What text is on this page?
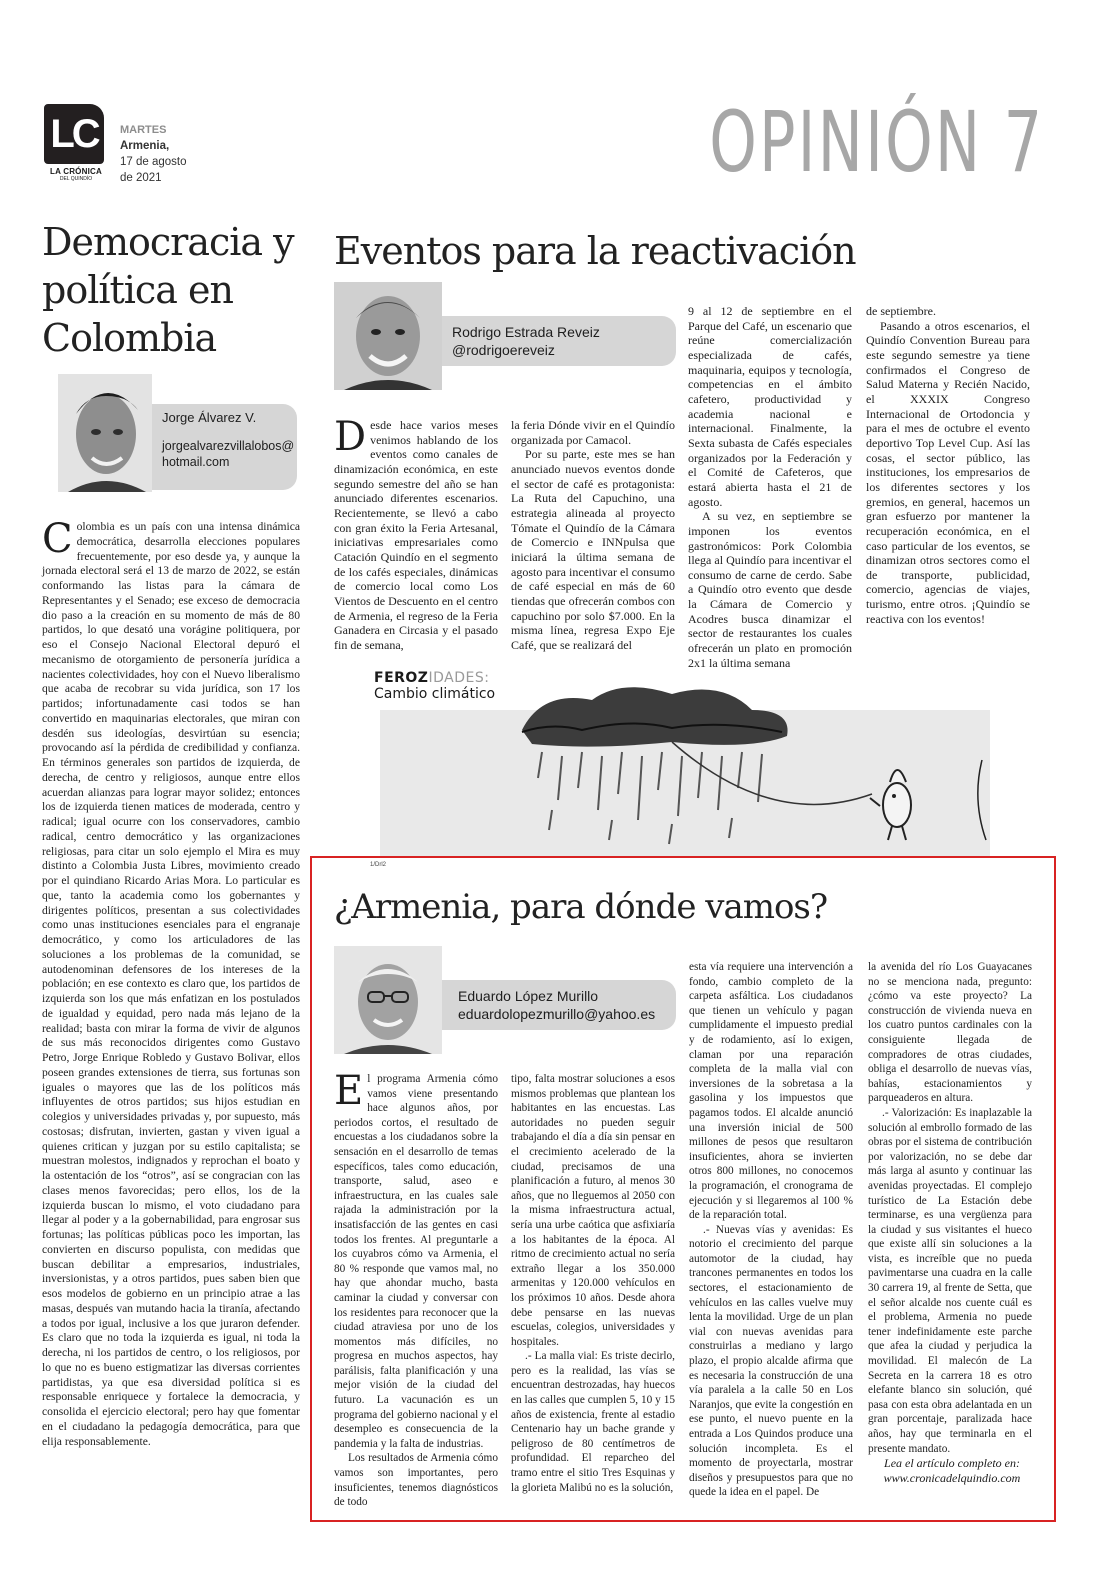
LC
LA CRÓNICA
DEL QUINDÍO
MARTES
Armenia,
17 de agosto
de 2021	OPINIÓN 7
Democracia y
política en
Colombia
Jorge Álvarez V.
jorgealvarezvillalobos@
hotmail.com

Colombia es un país con una intensa dinámica democrática, desarrolla elecciones populares frecuentemente, por eso desde ya, y aunque la jornada electoral será el 13 de marzo de 2022, se están conformando las listas para la cámara de Representantes y el Senado; ese exceso de democracia dio paso a la creación en su momento de más de 80 partidos, lo que desató una vorágine politiquera, por eso el Consejo Nacional Electoral depuró el mecanismo de otorgamiento de personería jurídica a nacientes colectividades, hoy con el Nuevo liberalismo que acaba de recobrar su vida jurídica, son 17 los partidos; infortunadamente casi todos se han convertido en maquinarias electorales, que miran con desdén sus ideologías, desvirtúan su esencia; provocando así la pérdida de credibilidad y confianza. En términos generales son partidos de izquierda, de derecha, de centro y religiosos, aunque entre ellos acuerdan alianzas para lograr mayor solidez; entonces los de izquierda tienen matices de moderada, centro y radical; igual ocurre con los conservadores, cambio radical, centro democrático y las organizaciones religiosas, para citar un solo ejemplo el Mira es muy distinto a Colombia Justa Libres, movimiento creado por el quindiano Ricardo Arias Mora. Lo particular es que, tanto la academia como los gobernantes y dirigentes políticos, presentan a sus colectividades como unas instituciones esenciales para el engranaje democrático, y como los articuladores de las soluciones a los problemas de la comunidad, se autodenominan defensores de los intereses de la población; en ese contexto es claro que, los partidos de izquierda son los que más enfatizan en los postulados de igualdad y equidad, pero nada más lejano de la realidad; basta con mirar la forma de vivir de algunos de sus más reconocidos dirigentes como Gustavo Petro, Jorge Enrique Robledo y Gustavo Bolivar, ellos poseen grandes extensiones de tierra, sus fortunas son iguales o mayores que las de los políticos más influyentes de otros partidos; sus hijos estudian en colegios y universidades privadas y, por supuesto, más costosas; disfrutan, invierten, gastan y viven igual a quienes critican y juzgan por su estilo capitalista; se muestran molestos, indignados y reprochan el boato y la ostentación de los “otros”, así se congracian con las clases menos favorecidas; pero ellos, los de la izquierda buscan lo mismo, el voto ciudadano para llegar al poder y a la gobernabilidad, para engrosar sus fortunas; las políticas públicas poco les importan, las convierten en discurso populista, con medidas que buscan debilitar a empresarios, industriales, inversionistas, y a otros partidos, pues saben bien que esos modelos de gobierno en un principio atrae a las masas, después van mutando hacia la tiranía, afectando a todos por igual, inclusive a los que juraron defender. Es claro que no toda la izquierda es igual, ni toda la derecha, ni los partidos de centro, o los religiosos, por lo que no es bueno estigmatizar las diversas corrientes partidistas, ya que esa diversidad política si es responsable enriquece y fortalece la democracia, y consolida el ejercicio electoral; pero hay que fomentar en el ciudadano la pedagogía democrática, para que elija responsablemente.

Eventos para la reactivación
Rodrigo Estrada Reveiz
@rodrigoereveiz

Desde hace varios meses venimos hablando de los eventos como canales de dinamización económica, en este segundo semestre del año se han anunciado diferentes escenarios. Recientemente, se llevó a cabo con gran éxito la Feria Artesanal, iniciativas empresariales como Catación Quindío en el segmento de los cafés especiales, dinámicas de comercio local como Los Vientos de Descuento en el centro de Armenia, el regreso de la Feria Ganadera en Circasia y el pasado fin de semana,

la feria Dónde vivir en el Quindío organizada por Camacol.

Por su parte, este mes se han anunciado nuevos eventos donde el sector de café es protagonista: La Ruta del Capuchino, una estrategia alineada al proyecto Tómate el Quindío de la Cámara de Comercio e INNpulsa que iniciará la última semana de agosto para incentivar el consumo de café especial en más de 60 tiendas que ofrecerán combos con capuchino por solo $7.000. En la misma línea, regresa Expo Eje Café, que se realizará del

9 al 12 de septiembre en el Parque del Café, un escenario que reúne comercialización especializada de cafés, maquinaria, equipos y tecnología, competencias en el ámbito cafetero, productividad y academia nacional e internacional. Finalmente, la Sexta subasta de Cafés especiales organizados por la Federación y el Comité de Cafeteros, que estará abierta hasta el 21 de agosto.

A su vez, en septiembre se imponen los eventos gastronómicos: Pork Colombia llega al Quindío para incentivar el consumo de carne de cerdo. Sabe a Quindío otro evento que desde la Cámara de Comercio y Acodres busca dinamizar el sector de restaurantes los cuales ofrecerán un plato en promoción 2x1 la última semana

de septiembre.

Pasando a otros escenarios, el Quindío Convention Bureau para este segundo semestre ya tiene confirmados el Congreso de Salud Materna y Recién Nacido, el XXXIX Congreso Internacional de Ortodoncia y para el mes de octubre el evento deportivo Top Level Cup. Así las cosas, el sector público, las instituciones, los empresarios de los diferentes sectores y los gremios, en general, hacemos un gran esfuerzo por mantener la recuperación económica, en el caso particular de los eventos, se dinamizan otros sectores como el de transporte, publicidad, comercio, agencias de viajes, turismo, entre otros. ¡Quindío se reactiva con los eventos!

FEROZIDADES:
Cambio climático
1/Drl2
¿Armenia, para dónde vamos?
Eduardo López Murillo
eduardolopezmurillo@yahoo.es

El programa Armenia cómo vamos viene presentando hace algunos años, por periodos cortos, el resultado de encuestas a los ciudadanos sobre la sensación en el desarrollo de temas específicos, tales como educación, transporte, salud, aseo e infraestructura, en las cuales sale rajada la administración por la insatisfacción de las gentes en casi todos los frentes. Al preguntarle a los cuyabros cómo va Armenia, el 80 % responde que vamos mal, no hay que ahondar mucho, basta caminar la ciudad y conversar con los residentes para reconocer que la ciudad atraviesa por uno de los momentos más difíciles, no progresa en muchos aspectos, hay parálisis, falta planificación y una mejor visión de la ciudad del futuro. La vacunación es un programa del gobierno nacional y el desempleo es consecuencia de la pandemia y la falta de industrias.

Los resultados de Armenia cómo vamos son importantes, pero insuficientes, tenemos diagnósticos de todo

tipo, falta mostrar soluciones a esos mismos problemas que plantean los habitantes en las encuestas. Las autoridades no pueden seguir trabajando el día a día sin pensar en el crecimiento acelerado de la ciudad, precisamos de una planificación a futuro, al menos 30 años, que no lleguemos al 2050 con la misma infraestructura actual, sería una urbe caótica que asfixiaría a los habitantes de la época. Al ritmo de crecimiento actual no sería extraño llegar a los 350.000 armenitas y 120.000 vehículos en los próximos 10 años. Desde ahora debe pensarse en las nuevas escuelas, colegios, universidades y hospitales.

.- La malla vial: Es triste decirlo, pero es la realidad, las vías se encuentran destrozadas, hay huecos en las calles que cumplen 5, 10 y 15 años de existencia, frente al estadio Centenario hay un bache grande y peligroso de 80 centímetros de profundidad. El reparcheo del tramo entre el sitio Tres Esquinas y la glorieta Malibú no es la solución,

esta vía requiere una intervención a fondo, cambio completo de la carpeta asfáltica. Los ciudadanos que tienen un vehículo y pagan cumplidamente el impuesto predial y de rodamiento, así lo exigen, claman por una reparación completa de la malla vial con inversiones de la sobretasa a la gasolina y los impuestos que pagamos todos. El alcalde anunció una inversión inicial de 500 millones de pesos que resultaron insuficientes, ahora se invierten otros 800 millones, no conocemos la programación, el cronograma de ejecución y si llegaremos al 100 % de la reparación total.

.- Nuevas vías y avenidas: Es notorio el crecimiento del parque automotor de la ciudad, hay trancones permanentes en todos los sectores, el estacionamiento de vehículos en las calles vuelve muy lenta la movilidad. Urge de un plan vial con nuevas avenidas para construirlas a mediano y largo plazo, el propio alcalde afirma que es necesaria la construcción de una vía paralela a la calle 50 en Los Naranjos, que evite la congestión en ese punto, el nuevo puente en la entrada a Los Quindos produce una solución incompleta. Es el momento de proyectarla, mostrar diseños y presupuestos para que no quede la idea en el papel. De

la avenida del río Los Guayacanes no se menciona nada, pregunto: ¿cómo va este proyecto? La construcción de vivienda nueva en los cuatro puntos cardinales con la consiguiente llegada de compradores de otras ciudades, obliga el desarrollo de nuevas vías, bahías, estacionamientos y parqueaderos en altura.

.- Valorización: Es inaplazable la solución al embrollo formado de las obras por el sistema de contribución por valorización, no se debe dar más larga al asunto y continuar las avenidas proyectadas. El complejo turístico de La Estación debe terminarse, es una vergüenza para la ciudad y sus visitantes el hueco que existe allí sin soluciones a la vista, es increíble que no pueda pavimentarse una cuadra en la calle 30 carrera 19, al frente de Setta, que el señor alcalde nos cuente cuál es el problema, Armenia no puede tener indefinidamente este parche que afea la ciudad y perjudica la movilidad. El malecón de La Secreta en la carrera 18 es otro elefante blanco sin solución, qué pasa con esta obra adelantada en un gran porcentaje, paralizada hace años, hay que terminarla en el presente mandato.

Lea el artículo completo en:
www.cronicadelquindio.com
